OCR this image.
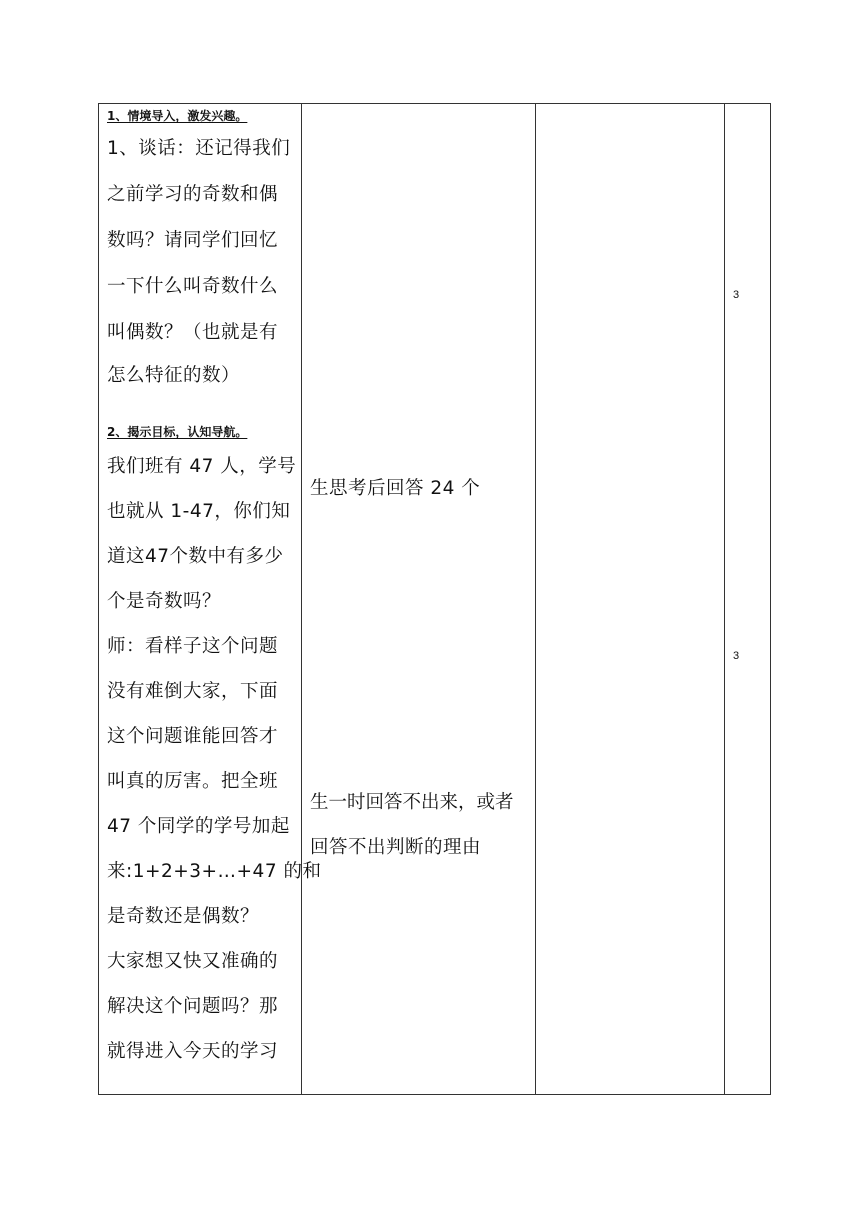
1、情境导入，激发兴趣。
1、谈话：还记得我们
之前学习的奇数和偶
数吗？请同学们回忆
一下什么叫奇数什么
叫偶数？（也就是有
怎么特征的数）
2、揭示目标，认知导航。
我们班有 47 人，学号
也就从 1-47，你们知
道这47个数中有多少
个是奇数吗？
师：看样子这个问题
没有难倒大家，下面
这个问题谁能回答才
叫真的厉害。把全班
47 个同学的学号加起
来:1+2+3+…+47 的和
是奇数还是偶数？
大家想又快又准确的
解决这个问题吗？那
就得进入今天的学习
生思考后回答 24 个
生一时回答不出来，或者
回答不出判断的理由
3
3
